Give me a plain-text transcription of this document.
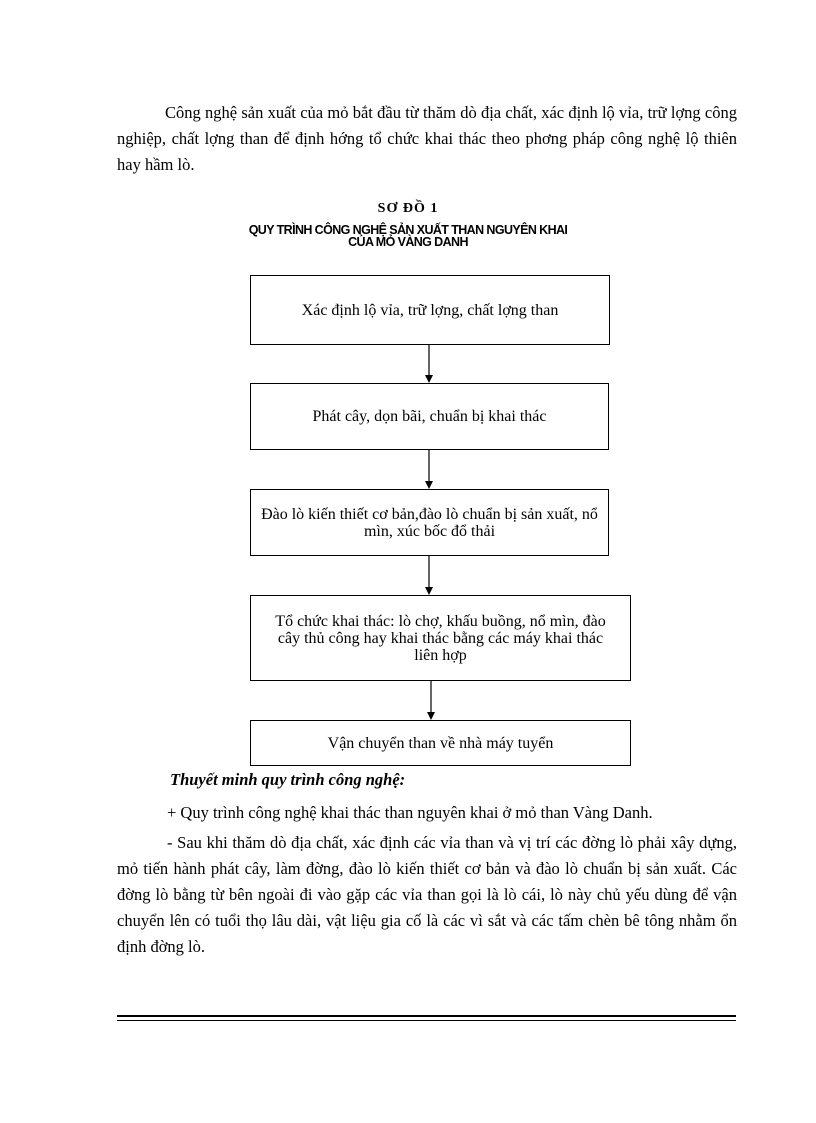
Công nghệ sản xuất của mỏ bắt đầu từ thăm dò địa chất, xác định lộ vỉa, trữ lợng công nghiệp, chất lợng than để định hớng tổ chức khai thác theo phơng pháp công nghệ lộ thiên hay hầm lò.

SƠ ĐỒ 1
QUY TRÌNH CÔNG NGHỆ SẢN XUẤT THAN NGUYÊN KHAI
CỦA MỎ VÀNG DANH
Xác định lộ vỉa, trữ lợng, chất lợng than
Phát cây, dọn bãi, chuẩn bị khai thác
Đào lò kiến thiết cơ bản,đào lò chuẩn bị sản xuất, nổ mìn, xúc bốc đổ thải
Tổ chức khai thác: lò chợ, khấu buồng, nổ mìn, đào cây thủ công hay khai thác bằng các máy khai thác liên hợp
Vận chuyển than về nhà máy tuyển
Thuyết minh quy trình công nghệ:

+ Quy trình công nghệ khai thác than nguyên khai ở mỏ than Vàng Danh.

- Sau khi thăm dò địa chất, xác định các vỉa than và vị trí các đờng lò phải xây dựng, mỏ tiến hành phát cây, làm đờng, đào lò kiến thiết cơ bản và đào lò chuẩn bị sản xuất. Các đờng lò bằng từ bên ngoài đi vào gặp các vỉa than gọi là lò cái, lò này chủ yếu dùng để vận chuyển lên có tuổi thọ lâu dài, vật liệu gia cố là các vì sắt và các tấm chèn bê tông nhằm ổn định đờng lò.
